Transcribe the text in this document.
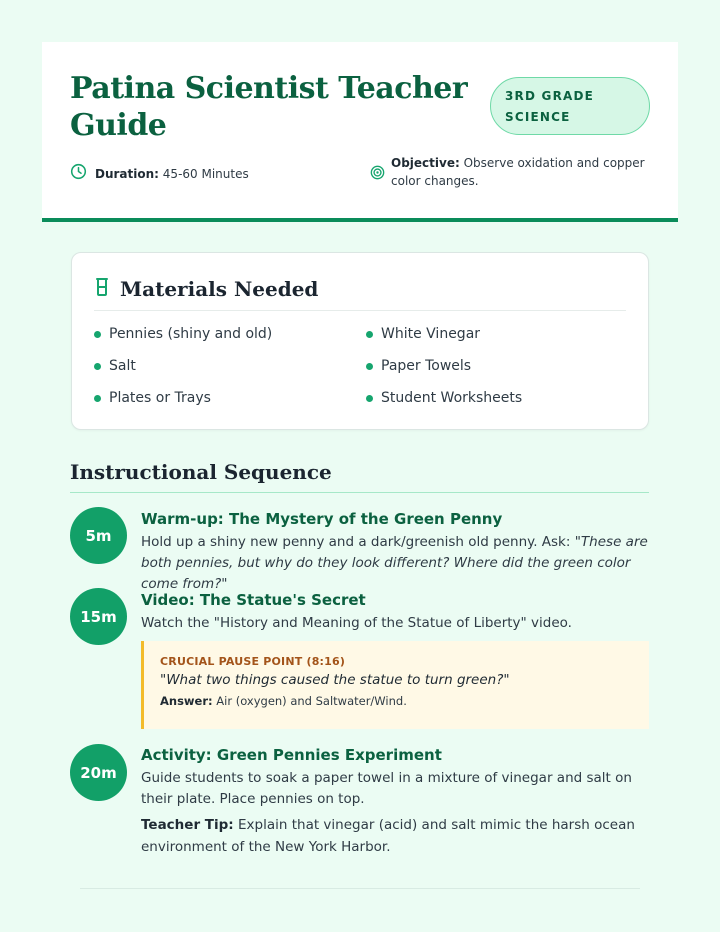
Patina Scientist Teacher Guide
3RD GRADE SCIENCE
Duration: 45-60 Minutes
Objective: Observe oxidation and copper color changes.
Materials Needed
Pennies (shiny and old)	White Vinegar
Salt	Paper Towels
Plates or Trays	Student Worksheets
Instructional Sequence
5m
Warm-up: The Mystery of the Green Penny
Hold up a shiny new penny and a dark/greenish old penny. Ask: "These are both pennies, but why do they look different? Where did the green color come from?"
15m
Video: The Statue's Secret
Watch the "History and Meaning of the Statue of Liberty" video.
CRUCIAL PAUSE POINT (8:16)
"What two things caused the statue to turn green?"
Answer: Air (oxygen) and Saltwater/Wind.
20m
Activity: Green Pennies Experiment
Guide students to soak a paper towel in a mixture of vinegar and salt on their plate. Place pennies on top.
Teacher Tip: Explain that vinegar (acid) and salt mimic the harsh ocean environment of the New York Harbor.
